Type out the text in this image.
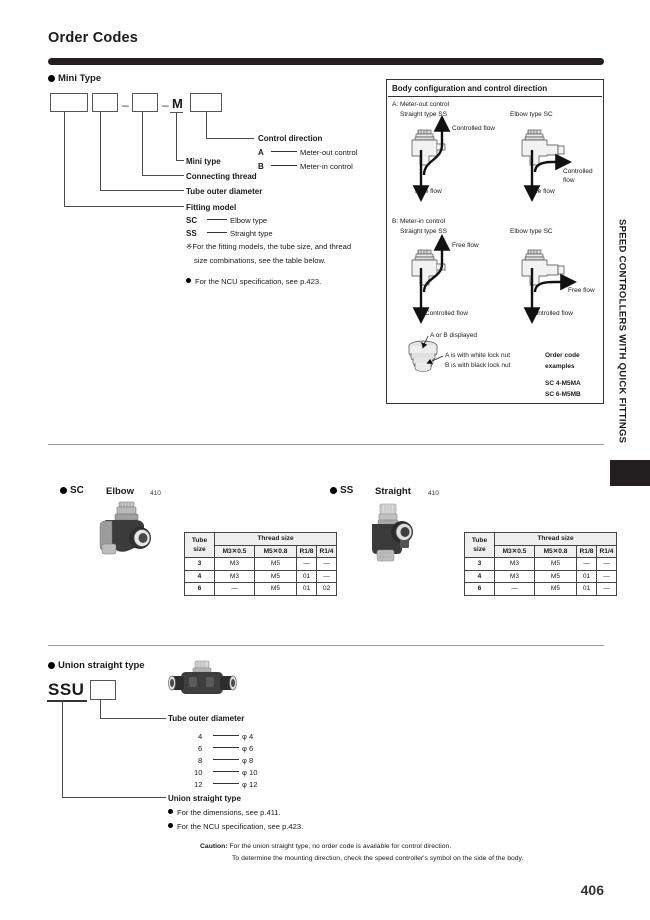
Order Codes
SPEED CONTROLLERS WITH QUICK FITTINGS
Mini Type
–	– M
Control direction
A	Meter-out control
B	Meter-in control
Mini type
Connecting thread
Tube outer diameter
Fitting model
SC	Elbow type
SS	Straight type
※For the fitting models, the tube size, and thread
size combinations, see the table below.
For the NCU specification, see p.423.
Body configuration and control direction
A: Meter-out control
Straight type SS	Elbow type SC
Controlled flow
Free flow
Controlled
flow
Free flow
B: Meter-in control
Straight type SS	Elbow type SC
Free flow
Controlled flow
Free flow
Controlled flow
A or B displayed
A is with white lock nut
B is with black lock nut
Order code
examples
SC 4-M5MA
SC 6-M5MB
SC Elbow 410
Tube
size	Thread size			
	M3✕0.5	M5✕0.8	R1/8	R1/4
3	M3	M5	—	—
4	M3	M5	01	—
6	—	M5	01	02
SS Straight	410
Tube
size	Thread size			
	M3✕0.5	M5✕0.8	R1/8	R1/4
3	M3	M5	—	—
4	M3	M5	01	—
6	—	M5	01	—
Union straight type
SSU
Tube outer diameter
4	φ 4
6	φ 6
8	φ 8
10	φ 10
12	φ 12
Union straight type
For the dimensions, see p.411.
For the NCU specification, see p.423.
Caution: For the union straight type, no order code is available for control direction.
To determine the mounting direction, check the speed controller's symbol on the side of the body.
406
